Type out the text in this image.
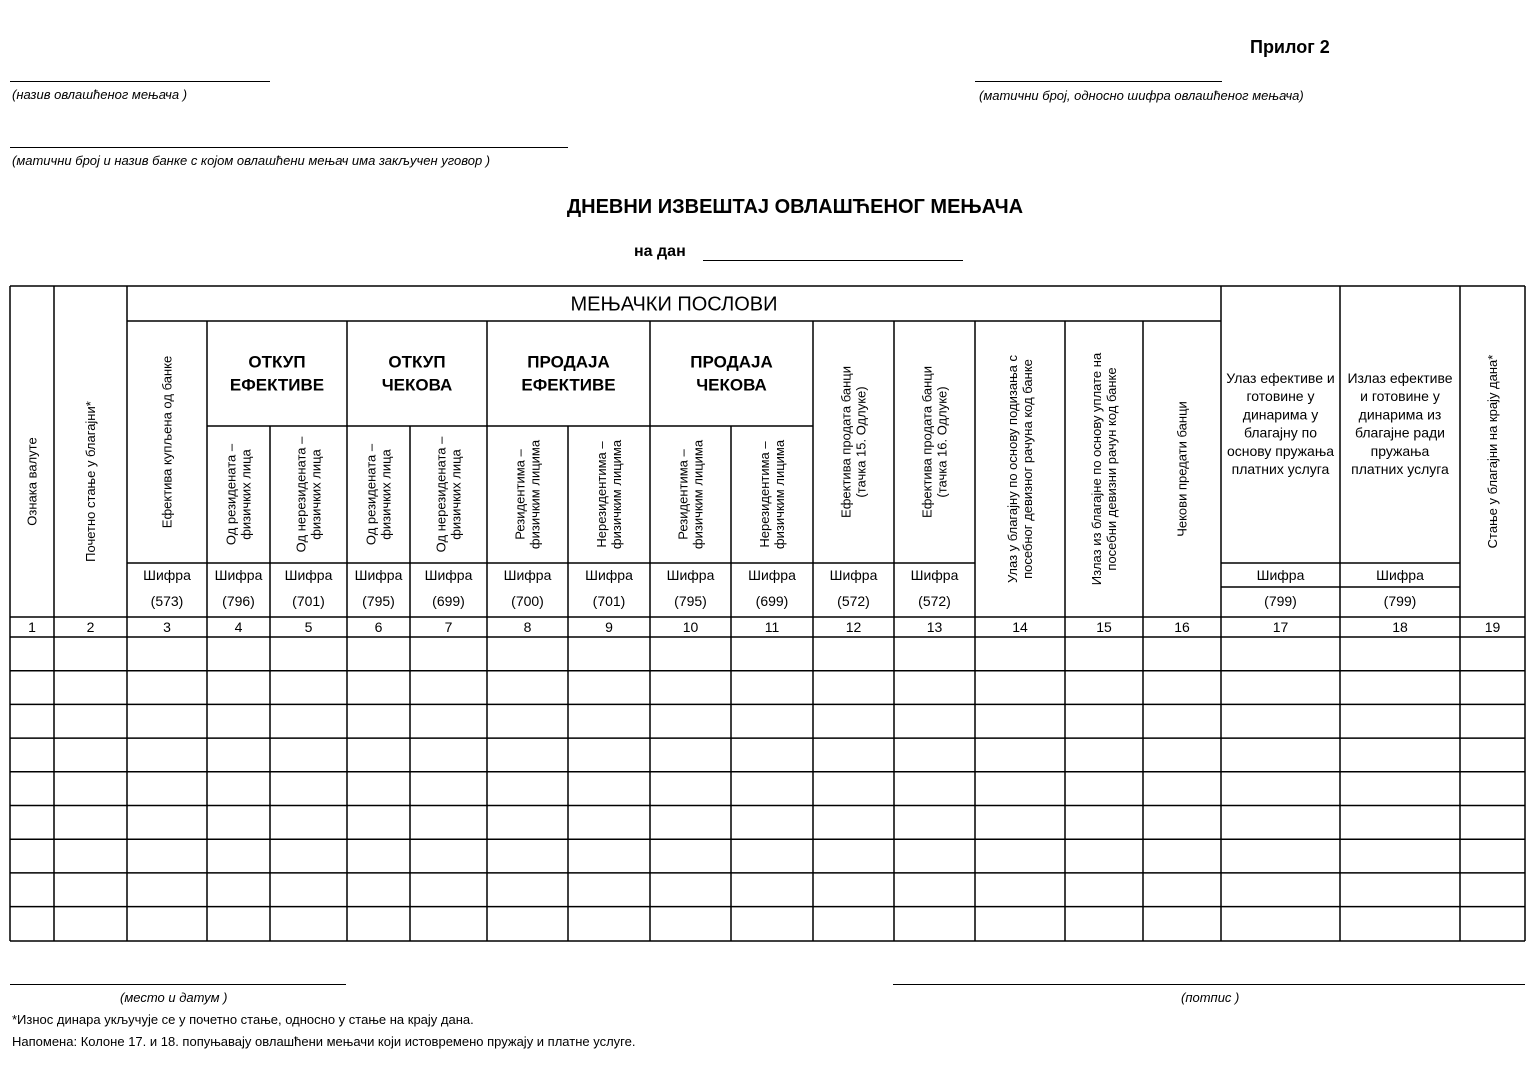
Прилог 2
(назив овлашћеног мењача )	(матични број, односно шифра овлашћеног мењача)
(матични број и назив банке с којом овлашћени мењач има закључен уговор )
ДНЕВНИ ИЗВЕШТАЈ ОВЛАШЋЕНОГ МЕЊАЧА
на дан
МЕЊАЧКИ ПОСЛОВИ
ОТКУП
ЕФЕКТИВЕ
ОТКУП
ЧЕКОВА
ПРОДАЈА
ЕФЕКТИВЕ
ПРОДАЈА
ЧЕКОВА
Ознака валуте
1
Почетно стање у благајни*
2
Ефектива купљена од банке
Шифра
(573)
3
Од резидената – физичких лица
Шифра
(796)
4
Од нерезидената – физичких лица
Шифра
(701)
5
Од резидената – физичких лица
Шифра
(795)
6
Од нерезидената – физичких лица
Шифра
(699)
7
Резидентима – физичким лицима
Шифра
(700)
8
Нерезидентима – физичким лицима
Шифра
(701)
9
Резидентима – физичким лицима
Шифра
(795)
10
Нерезидентима – физичким лицима
Шифра
(699)
11
Ефектива продата банци (тачка 15. Одлуке)
Шифра
(572)
12
Ефектива продата банци (тачка 16. Одлуке)
Шифра
(572)
13
Улаз у благајну по основу подизања с посебног девизног рачуна код банке
14
Излаз из благајне по основу уплате на посебни девизни рачун код банке
15
Чекови предати банци
16
Улаз ефективе и
готовине у
динарима у
благајну по
основу пружања
платних услуга
Шифра
(799)
17
Излаз ефективе
и готовине у
динарима из
благајне ради
пружања
платних услуга
Шифра
(799)
18
Стање у благајни на крају дана*
19
(место и датум )	(потпис )
*Износ динара укључује се у почетно стање, односно у стање на крају дана.
Напомена: Колоне 17. и 18. попуњавају овлашћени мењачи који истовремено пружају и платне услуге.
